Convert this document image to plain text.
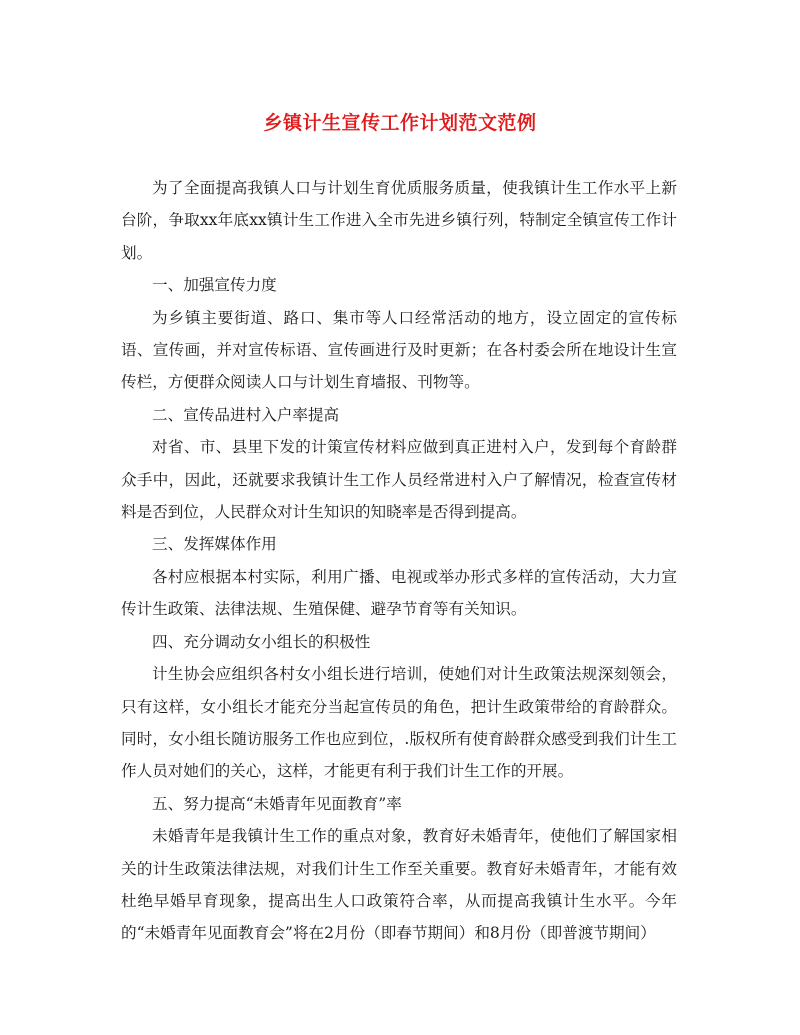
乡镇计生宣传工作计划范文范例

为了全面提高我镇人口与计划生育优质服务质量，使我镇计生工作水平上新台阶，争取xx年底xx镇计生工作进入全市先进乡镇行列，特制定全镇宣传工作计划。

一、加强宣传力度

为乡镇主要街道、路口、集市等人口经常活动的地方，设立固定的宣传标语、宣传画，并对宣传标语、宣传画进行及时更新；在各村委会所在地设计生宣传栏，方便群众阅读人口与计划生育墙报、刊物等。

二、宣传品进村入户率提高

对省、市、县里下发的计策宣传材料应做到真正进村入户，发到每个育龄群众手中，因此，还就要求我镇计生工作人员经常进村入户了解情况，检查宣传材料是否到位，人民群众对计生知识的知晓率是否得到提高。

三、发挥媒体作用

各村应根据本村实际，利用广播、电视或举办形式多样的宣传活动，大力宣传计生政策、法律法规、生殖保健、避孕节育等有关知识。

四、充分调动女小组长的积极性

计生协会应组织各村女小组长进行培训，使她们对计生政策法规深刻领会，只有这样，女小组长才能充分当起宣传员的角色，把计生政策带给的育龄群众。同时，女小组长随访服务工作也应到位，.版权所有使育龄群众感受到我们计生工作人员对她们的关心，这样，才能更有利于我们计生工作的开展。

五、努力提高“未婚青年见面教育”率

未婚青年是我镇计生工作的重点对象，教育好未婚青年，使他们了解国家相关的计生政策法律法规，对我们计生工作至关重要。教育好未婚青年，才能有效杜绝早婚早育现象，提高出生人口政策符合率，从而提高我镇计生水平。今年的“未婚青年见面教育会”将在2月份（即春节期间）和8月份（即普渡节期间）
